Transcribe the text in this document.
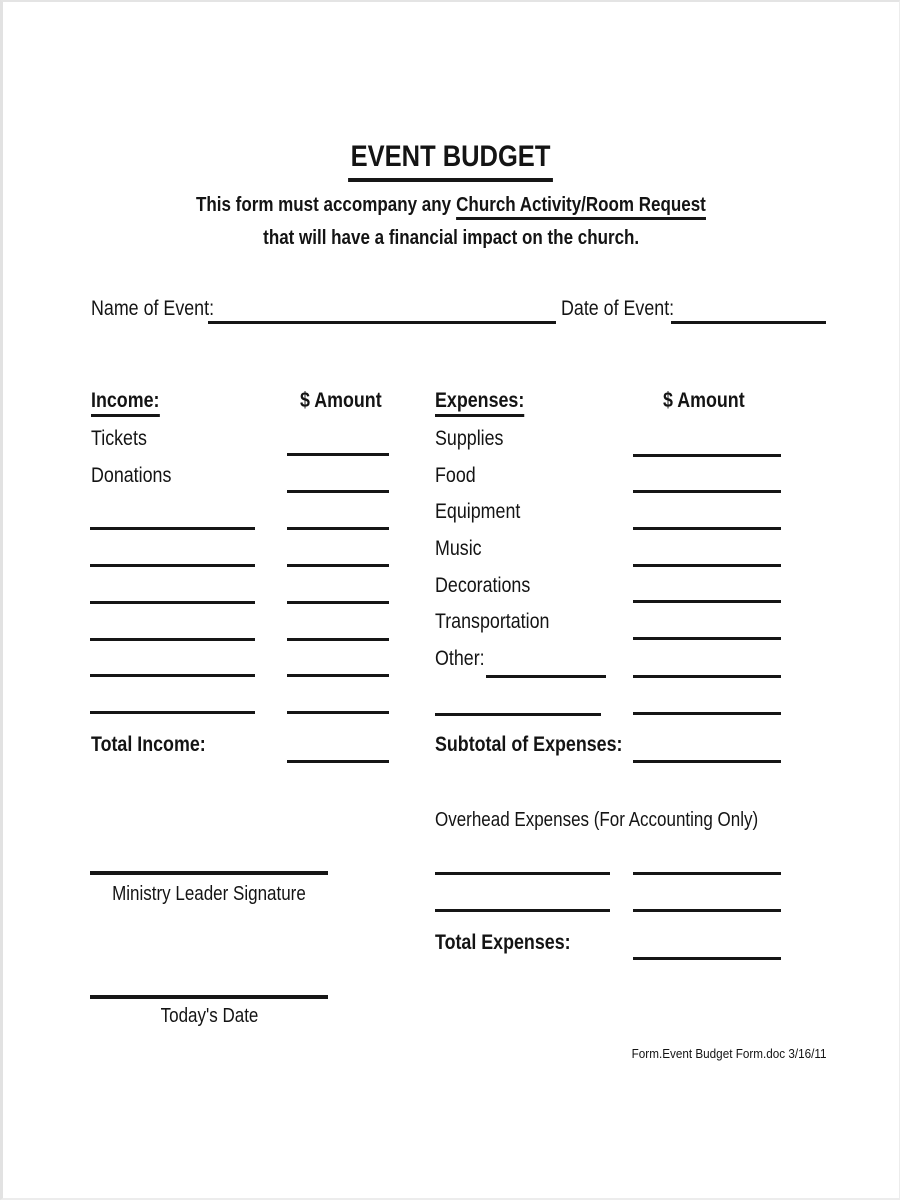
EVENT BUDGET
This form must accompany any Church Activity/Room Request
that will have a financial impact on the church.
Name of Event:	Date of Event:
Income:	$ Amount
Tickets
Donations
Total Income:
Expenses:	$ Amount
Supplies
Food
Equipment
Music
Decorations
Transportation
Other:
Subtotal of Expenses:
Overhead Expenses (For Accounting Only)
Total Expenses:
Ministry Leader Signature
Today's Date
Form.Event Budget Form.doc 3/16/11
